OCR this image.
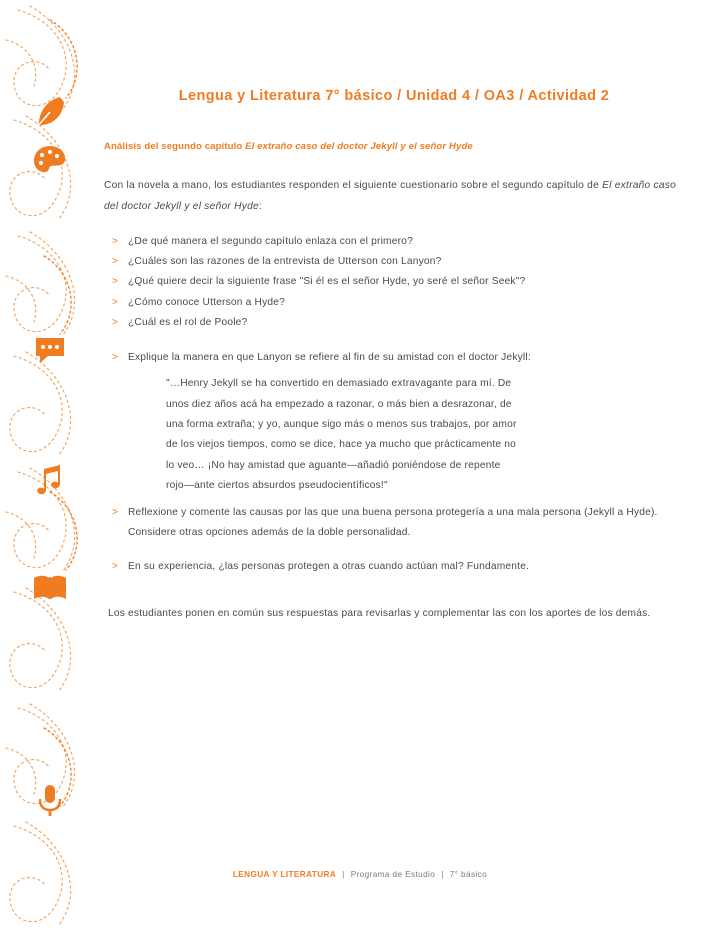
Lengua y Literatura 7° básico / Unidad 4 / OA3 / Actividad 2
Análisis del segundo capítulo El extraño caso del doctor Jekyll y el señor Hyde

Con la novela a mano, los estudiantes responden el siguiente cuestionario sobre el segundo capítulo de El extraño caso del doctor Jekyll y el señor Hyde:

> ¿De qué manera el segundo capítulo enlaza con el primero?
> ¿Cuáles son las razones de la entrevista de Utterson con Lanyon?
> ¿Qué quiere decir la siguiente frase "Si él es el señor Hyde, yo seré el señor Seek"?
> ¿Cómo conoce Utterson a Hyde?
> ¿Cuál es el rol de Poole?
> Explique la manera en que Lanyon se refiere al fin de su amistad con el doctor Jekyll:
"…Henry Jekyll se ha convertido en demasiado extravagante para mí. De
unos diez años acá ha empezado a razonar, o más bien a desrazonar, de
una forma extraña; y yo, aunque sigo más o menos sus trabajos, por amor
de los viejos tiempos, como se dice, hace ya mucho que prácticamente no
lo veo… ¡No hay amistad que aguante—añadió poniéndose de repente
rojo—ante ciertos absurdos pseudocientíficos!"
> Reflexione y comente las causas por las que una buena persona protegería a una mala persona (Jekyll a Hyde). Considere otras opciones además de la doble personalidad.
> En su experiencia, ¿las personas protegen a otras cuando actúan mal? Fundamente.
Los estudiantes ponen en común sus respuestas para revisarlas y complementar las con los aportes de los demás.
LENGUA Y LITERATURA | Programa de Estudio | 7° básico
